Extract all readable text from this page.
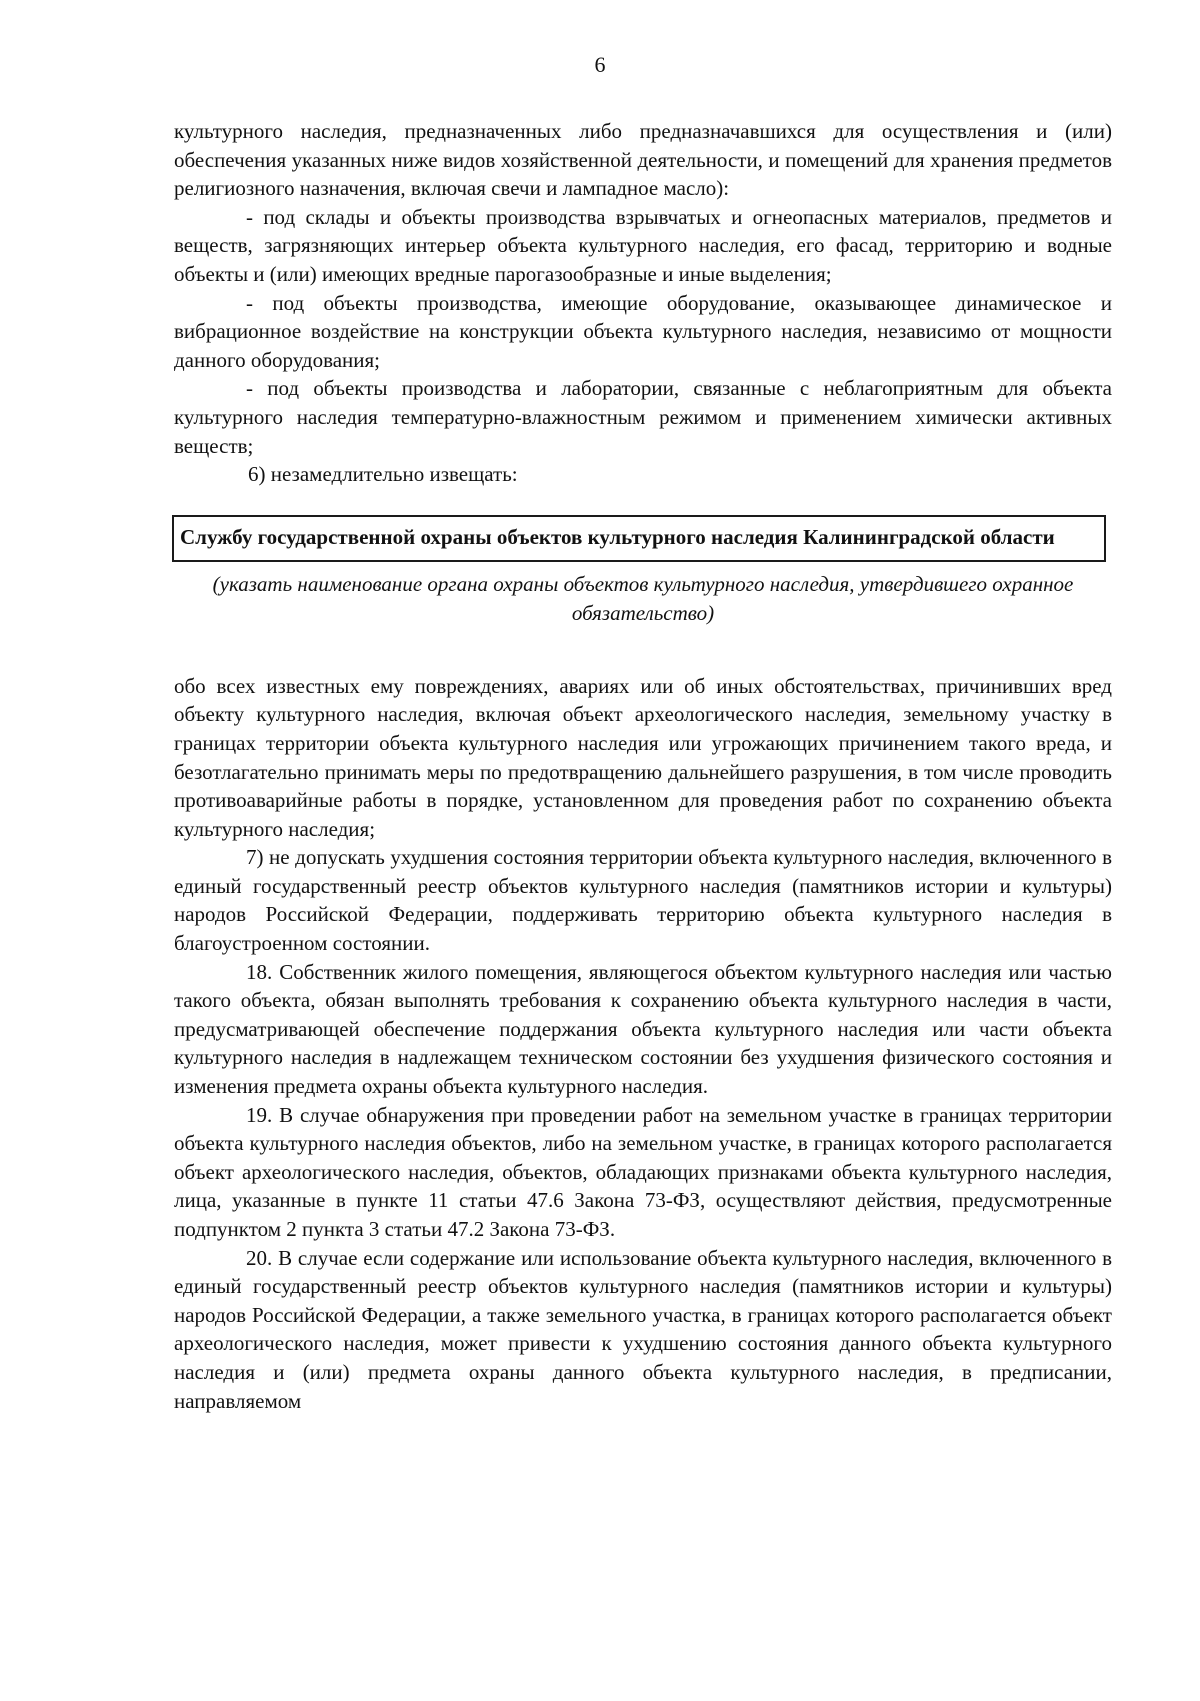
6

культурного наследия, предназначенных либо предназначавшихся для осуществления и (или) обеспечения указанных ниже видов хозяйственной деятельности, и помещений для хранения предметов религиозного назначения, включая свечи и лампадное масло):

- под склады и объекты производства взрывчатых и огнеопасных материалов, предметов и веществ, загрязняющих интерьер объекта культурного наследия, его фасад, территорию и водные объекты и (или) имеющих вредные парогазообразные и иные выделения;

- под объекты производства, имеющие оборудование, оказывающее динамическое и вибрационное воздействие на конструкции объекта культурного наследия, независимо от мощности данного оборудования;

- под объекты производства и лаборатории, связанные с неблагоприятным для объекта культурного наследия температурно-влажностным режимом и применением химически активных веществ;

6) незамедлительно извещать:

Службу государственной охраны объектов культурного наследия Калининградской области
(указать наименование органа охраны объектов культурного наследия, утвердившего охранное обязательство)

обо всех известных ему повреждениях, авариях или об иных обстоятельствах, причинивших вред объекту культурного наследия, включая объект археологического наследия, земельному участку в границах территории объекта культурного наследия или угрожающих причинением такого вреда, и безотлагательно принимать меры по предотвращению дальнейшего разрушения, в том числе проводить противоаварийные работы в порядке, установленном для проведения работ по сохранению объекта культурного наследия;

7) не допускать ухудшения состояния территории объекта культурного наследия, включенного в единый государственный реестр объектов культурного наследия (памятников истории и культуры) народов Российской Федерации, поддерживать территорию объекта культурного наследия в благоустроенном состоянии.

18. Собственник жилого помещения, являющегося объектом культурного наследия или частью такого объекта, обязан выполнять требования к сохранению объекта культурного наследия в части, предусматривающей обеспечение поддержания объекта культурного наследия или части объекта культурного наследия в надлежащем техническом состоянии без ухудшения физического состояния и изменения предмета охраны объекта культурного наследия.

19. В случае обнаружения при проведении работ на земельном участке в границах территории объекта культурного наследия объектов, либо на земельном участке, в границах которого располагается объект археологического наследия, объектов, обладающих признаками объекта культурного наследия, лица, указанные в пункте 11 статьи 47.6 Закона 73-ФЗ, осуществляют действия, предусмотренные подпунктом 2 пункта 3 статьи 47.2 Закона 73-ФЗ.

20. В случае если содержание или использование объекта культурного наследия, включенного в единый государственный реестр объектов культурного наследия (памятников истории и культуры) народов Российской Федерации, а также земельного участка, в границах которого располагается объект археологического наследия, может привести к ухудшению состояния данного объекта культурного наследия и (или) предмета охраны данного объекта культурного наследия, в предписании, направляемом
